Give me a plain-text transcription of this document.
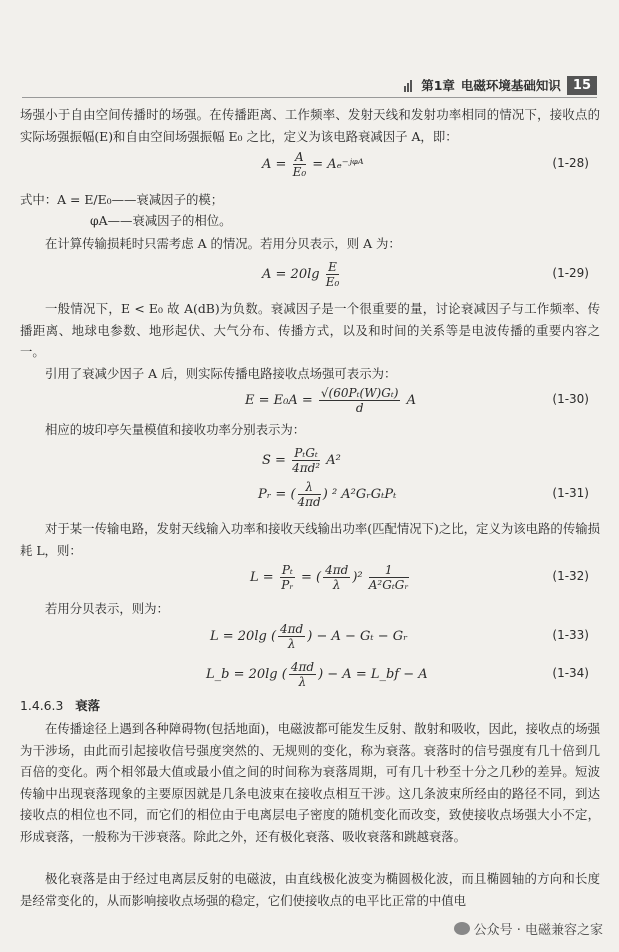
第1章 电磁环境基础知识 15
场强小于自由空间传播时的场强。在传播距离、工作频率、发射天线和发射功率相同的情况下，接收点的实际场强振幅(E)和自由空间场强振幅 E₀ 之比，定义为该电路衰减因子 A，即：
$A = \frac{A}{\text{E₀}}$ = Aₑ⁻ʲᵠᴬ	(1-28)
式中：A = E/E₀——衰减因子的模；
φA——衰减因子的相位。
在计算传输损耗时只需考虑 A 的情况。若用分贝表示，则 A 为：
$A = 20\lg \frac{E}{\text{E₀}}$	(1-29)
一般情况下，E < E₀ 故 A(dB)为负数。衰减因子是一个很重要的量，讨论衰减因子与工作频率、传播距离、地球电参数、地形起伏、大气分布、传播方式，以及和时间的关系等是电波传播的重要内容之一。
引用了衰减少因子 A 后，则实际传播电路接收点场强可表示为：
$E = E_0A = \frac{\text{√(60Pₜ(W)Gₜ)}}{d}$ A	(1-30)
相应的坡印亭矢量模值和接收功率分别表示为：
$S = \frac{\text{PₜGₜ}}{\text{4πd²}} A^2$
Pᵣ = ( $\frac{\lambda}{4\pi d}$ ) ² A²GᵣGₜPₜ	(1-31)
对于某一传输电路，发射天线输入功率和接收天线输出功率(匹配情况下)之比，定义为该电路的传输损耗 L，则：
$L = \frac{\text{Pₜ}}{\text{Pᵣ}}$ = ( $\frac{4\pi d}{\lambda} )^2 \frac{1}{\text{A²GₜGᵣ}}$	(1-32)
若用分贝表示，则为：
L = 20lg ( $\frac{4\pi d}{\lambda}$ ) − A − Gₜ − Gᵣ	(1-33)
L_b = 20lg ( $\frac{4\pi d}{\lambda}$ ) − A = L_bf − A	(1-34)
1.4.6.3 衰落
在传播途径上遇到各种障碍物(包括地面)，电磁波都可能发生反射、散射和吸收，因此，接收点的场强为干涉场，由此而引起接收信号强度突然的、无规则的变化，称为衰落。衰落时的信号强度有几十倍到几百倍的变化。两个相邻最大值或最小值之间的时间称为衰落周期，可有几十秒至十分之几秒的差异。短波传输中出现衰落现象的主要原因就是几条电波束在接收点相互干涉。这几条波束所经由的路径不同，到达接收点的相位也不同，而它们的相位由于电离层电子密度的随机变化而改变，致使接收点场强大小不定，形成衰落，一般称为干涉衰落。除此之外，还有极化衰落、吸收衰落和跳越衰落。
极化衰落是由于经过电离层反射的电磁波，由直线极化波变为椭圆极化波，而且椭圆轴的方向和长度是经常变化的，从而影响接收点场强的稳定，它们使接收点的电平比正常的中值电
公众号 · 电磁兼容之家
